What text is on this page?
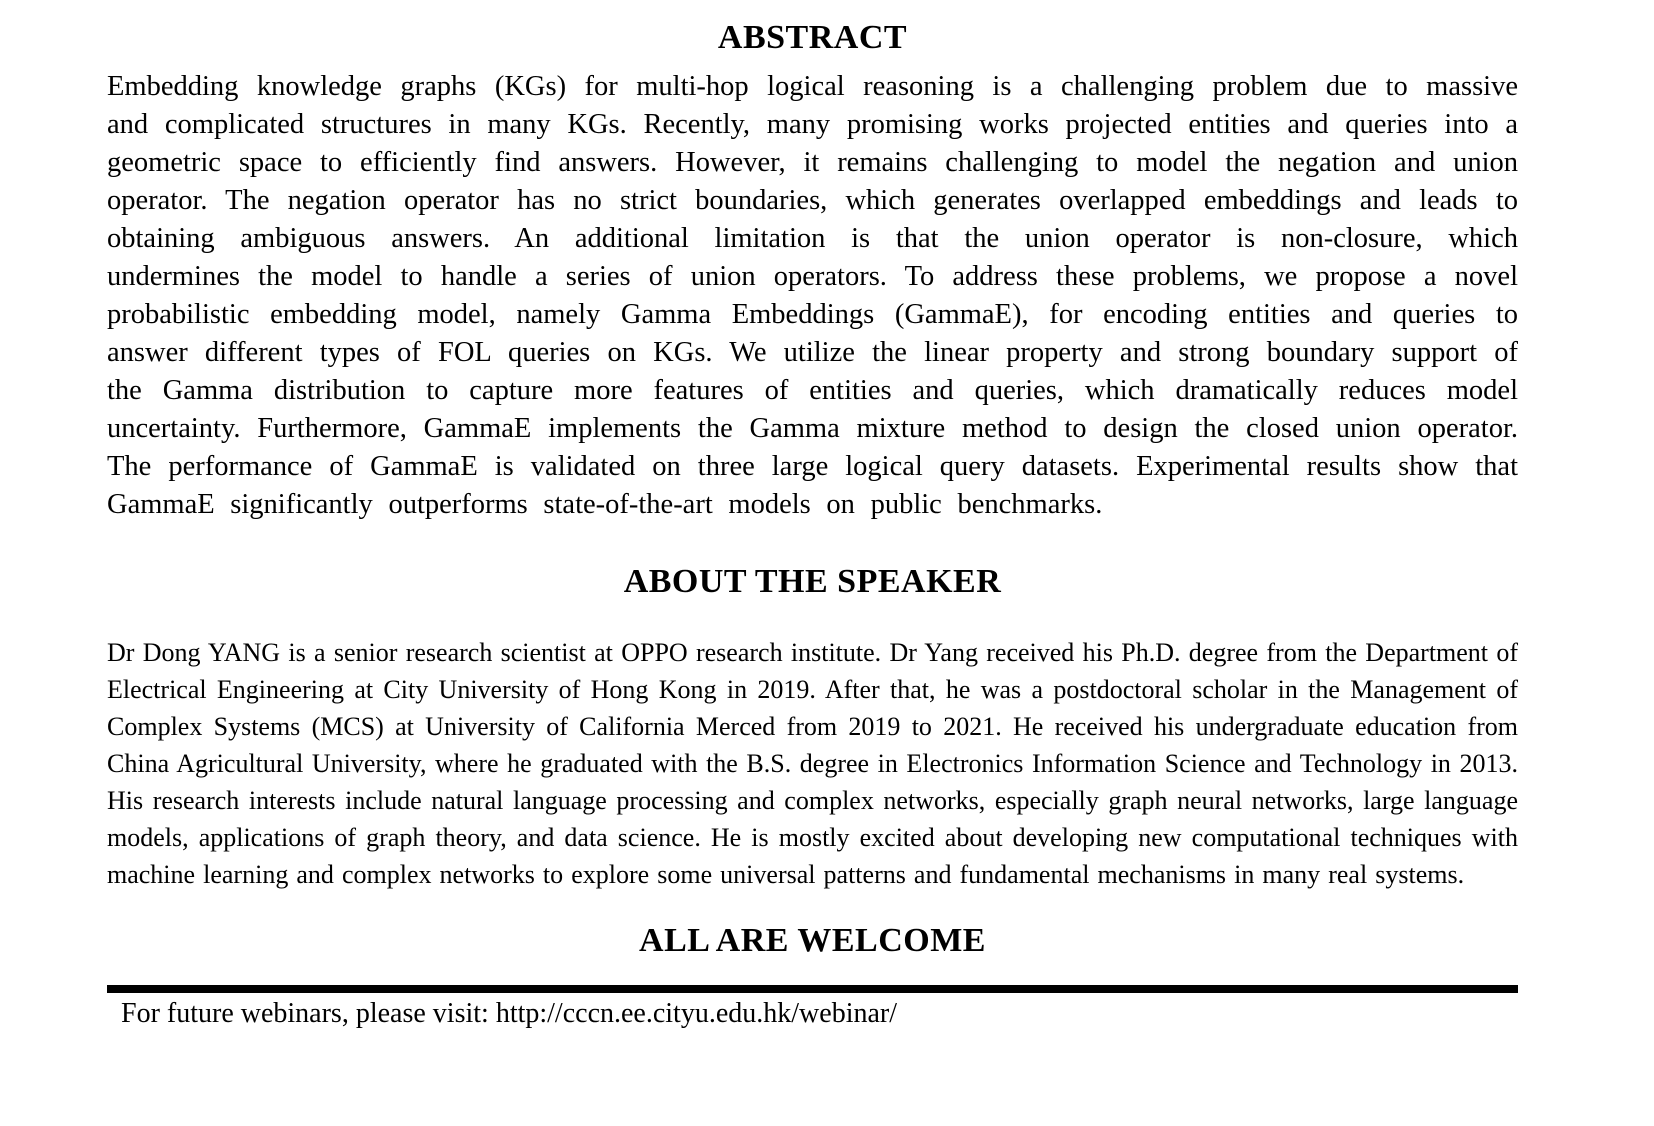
ABSTRACT

Embedding knowledge graphs (KGs) for multi-hop logical reasoning is a challenging problem due to massive and complicated structures in many KGs. Recently, many promising works projected entities and queries into a geometric space to efficiently find answers. However, it remains challenging to model the negation and union operator. The negation operator has no strict boundaries, which generates overlapped embeddings and leads to obtaining ambiguous answers. An additional limitation is that the union operator is non-closure, which undermines the model to handle a series of union operators. To address these problems, we propose a novel probabilistic embedding model, namely Gamma Embeddings (GammaE), for encoding entities and queries to answer different types of FOL queries on KGs. We utilize the linear property and strong boundary support of the Gamma distribution to capture more features of entities and queries, which dramatically reduces model uncertainty. Furthermore, GammaE implements the Gamma mixture method to design the closed union operator. The performance of GammaE is validated on three large logical query datasets. Experimental results show that GammaE significantly outperforms state-of-the-art models on public benchmarks.

ABOUT THE SPEAKER

Dr Dong YANG is a senior research scientist at OPPO research institute. Dr Yang received his Ph.D. degree from the Department of Electrical Engineering at City University of Hong Kong in 2019. After that, he was a postdoctoral scholar in the Management of Complex Systems (MCS) at University of California Merced from 2019 to 2021. He received his undergraduate education from China Agricultural University, where he graduated with the B.S. degree in Electronics Information Science and Technology in 2013. His research interests include natural language processing and complex networks, especially graph neural networks, large language models, applications of graph theory, and data science. He is mostly excited about developing new computational techniques with machine learning and complex networks to explore some universal patterns and fundamental mechanisms in many real systems.

ALL ARE WELCOME
For future webinars, please visit: http://cccn.ee.cityu.edu.hk/webinar/
